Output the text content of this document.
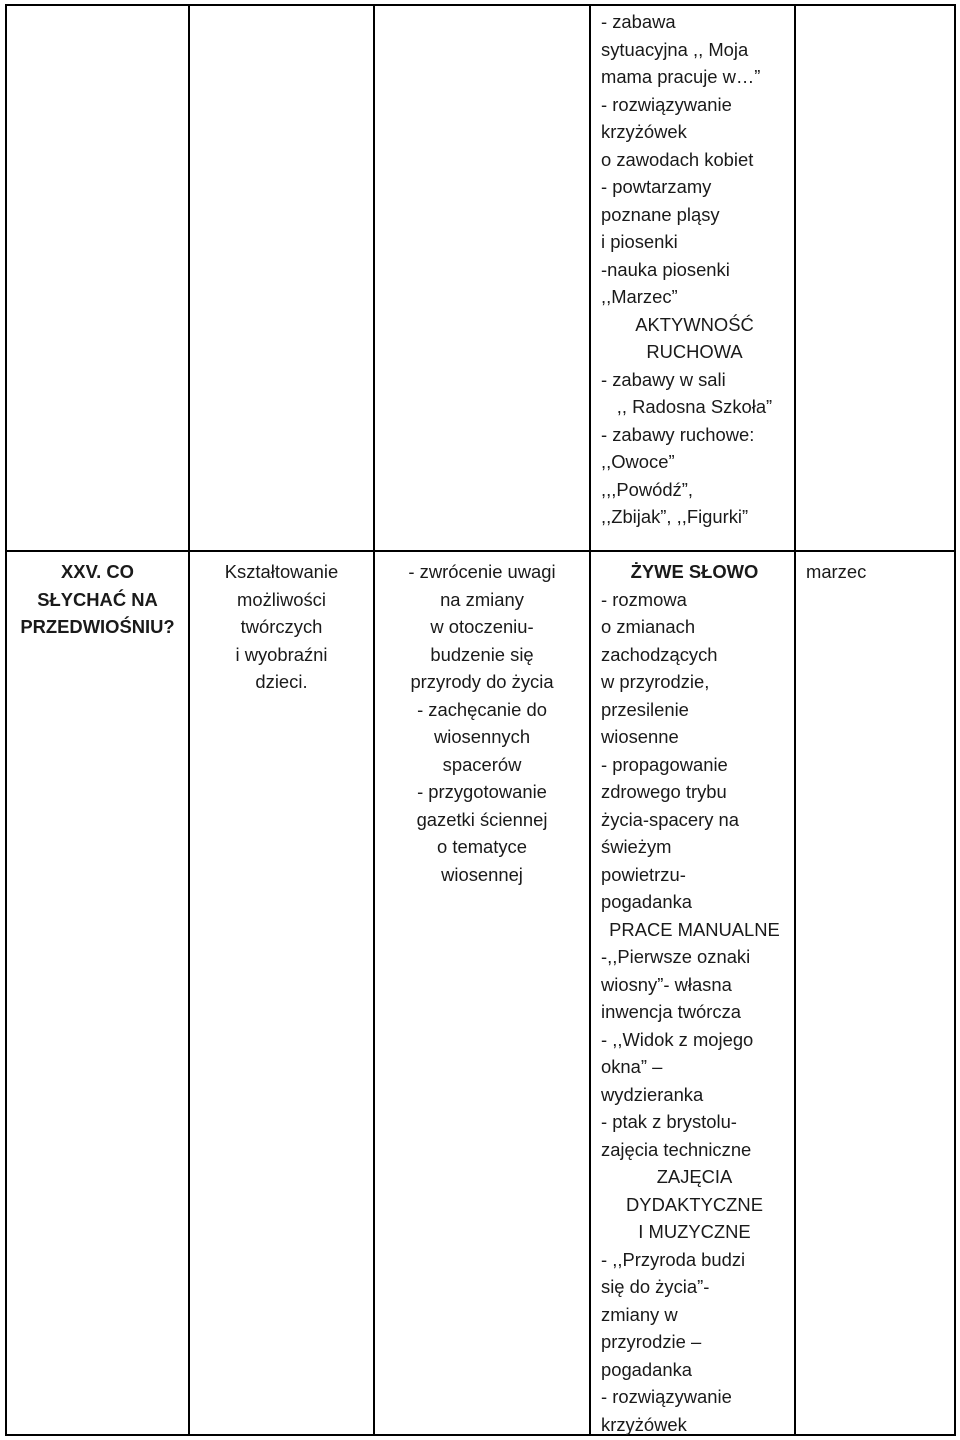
- zabawa
sytuacyjna ,, Moja
mama pracuje w…”
- rozwiązywanie
krzyżówek
o zawodach kobiet
- powtarzamy
poznane pląsy
i piosenki
-nauka piosenki
,,Marzec”
AKTYWNOŚĆ
RUCHOWA
- zabawy w sali
,, Radosna Szkoła”
- zabawy ruchowe:
,,Owoce”
,,,Powódź”,
,,Zbijak”, ,,Figurki”
XXV. CO
SŁYCHAĆ NA
PRZEDWIOŚNIU?
Kształtowanie
możliwości
twórczych
i wyobraźni
dzieci.
- zwrócenie uwagi
na zmiany
w otoczeniu-
budzenie się
przyrody do życia
- zachęcanie do
wiosennych
spacerów
- przygotowanie
gazetki ściennej
o tematyce
wiosennej
ŻYWE SŁOWO
- rozmowa
o zmianach
zachodzących
w przyrodzie,
przesilenie
wiosenne
- propagowanie
zdrowego trybu
życia-spacery na
świeżym
powietrzu-
pogadanka
PRACE MANUALNE
-,,Pierwsze oznaki
wiosny”- własna
inwencja twórcza
- ,,Widok z mojego
okna” –
wydzieranka
- ptak z brystolu-
zajęcia techniczne
ZAJĘCIA
DYDAKTYCZNE
I MUZYCZNE
- ,,Przyroda budzi
się do życia”-
zmiany w
przyrodzie –
pogadanka
- rozwiązywanie
krzyżówek
marzec
